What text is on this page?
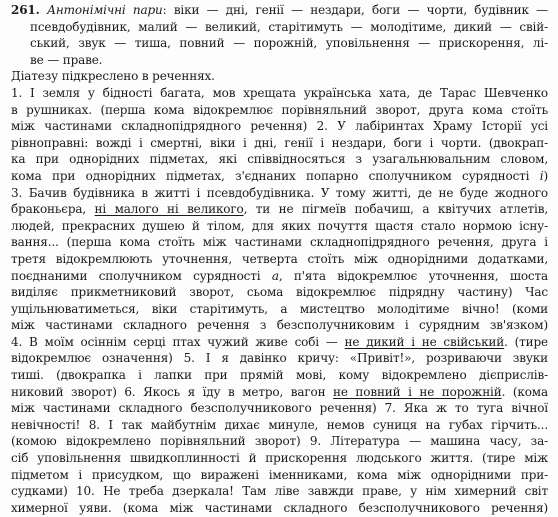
261. Антонімічні пари: віки — дні, генії — нездари, боги — чорти, будівник —
псевдобудівник, малий — великий, старітимуть — молодітиме, дикий — свій-
ський, звук — тиша, повний — порожній, уповільнення — прискорення, лі-
ве — праве.
Діатезу підкреслено в реченнях.
1. І земля у бідності багата, мов хрещата українська хата, де Тарас Шевченко
в рушниках. (перша кома відокремлює порівняльний зворот, друга кома стоїть
між частинами складнопідрядного речення) 2. У лабіринтах Храму Історії усі
рівноправні: вожді і смертні, віки і дні, генії і нездари, боги і чорти. (двокрап-
ка при однорідних підметах, які співвідносяться з узагальнювальним словом,
кома при однорідних підметах, з'єднаних попарно сполучником сурядності і)
3. Бачив будівника в житті і псевдобудівника. У тому житті, де не буде жодного
браконьєра, ні малого ні великого, ти не пігмеїв побачиш, а квітучих атлетів,
людей, прекрасних душею й тілом, для яких почуття щастя стало нормою існу-
вання... (перша кома стоїть між частинами складнопідрядного речення, друга і
третя відокремлюють уточнення, четверта стоїть між однорідними додатками,
поєднаними сполучником сурядності а, п'ята відокремлює уточнення, шоста
виділяє прикметниковий зворот, сьома відокремлює підрядну частину) Час
ущільнюватиметься, віки старітимуть, а мистецтво молодітиме вічно! (коми
між частинами складного речення з безсполучниковим і сурядним зв'язком)
4. В моїм осіннім серці птах чужий живе собі — не дикий і не свійський. (тире
відокремлює означення) 5. І я давінко кричу: «Привіт!», розриваючи звуки
тиші. (двокрапка і лапки при прямій мові, кому відокремлено дієприслів-
никовий зворот) 6. Якось я їду в метро, вагон не повний і не порожній. (кома
між частинами складного безсполучникового речення) 7. Яка ж то туга вічної
невічності! 8. І так майбутнім дихає минуле, немов суниця на губах гірчить...
(комою відокремлено порівняльний зворот) 9. Література — машина часу, за-
сіб уповільнення швидкоплинності й прискорення людського життя. (тире між
підметом і присудком, що виражені іменниками, кома між однорідними при-
судками) 10. Не треба дзеркала! Там ліве завжди праве, у нім химерний світ
химерної уяви. (кома між частинами складного безсполучникового речення)
